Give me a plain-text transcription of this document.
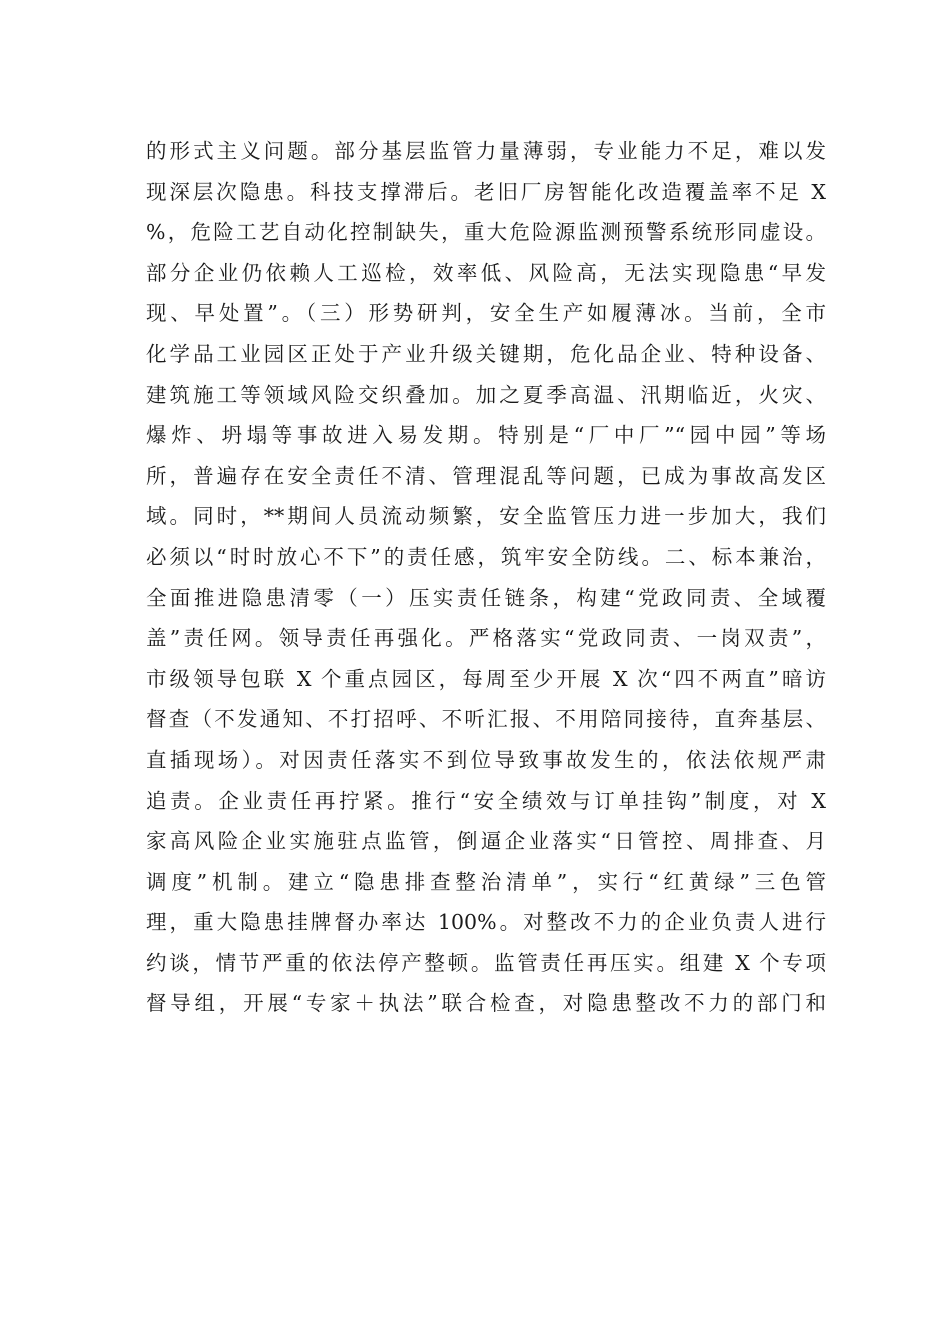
的形式主义问题。部分基层监管力量薄弱，专业能力不足，难以发
现深层次隐患。科技支撑滞后。老旧厂房智能化改造覆盖率不足 X
%，危险工艺自动化控制缺失，重大危险源监测预警系统形同虚设。
部分企业仍依赖人工巡检，效率低、风险高，无法实现隐患“早发
现、早处置”。（三）形势研判，安全生产如履薄冰。当前，全市
化学品工业园区正处于产业升级关键期，危化品企业、特种设备、
建筑施工等领域风险交织叠加。加之夏季高温、汛期临近，火灾、
爆炸、坍塌等事故进入易发期。特别是“厂中厂”“园中园”等场
所，普遍存在安全责任不清、管理混乱等问题，已成为事故高发区
域。同时，**期间人员流动频繁，安全监管压力进一步加大，我们
必须以“时时放心不下”的责任感，筑牢安全防线。二、标本兼治，
全面推进隐患清零（一）压实责任链条，构建“党政同责、全域覆
盖”责任网。领导责任再强化。严格落实“党政同责、一岗双责”，
市级领导包联 X 个重点园区，每周至少开展 X 次“四不两直”暗访
督查（不发通知、不打招呼、不听汇报、不用陪同接待，直奔基层、
直插现场）。对因责任落实不到位导致事故发生的，依法依规严肃
追责。企业责任再拧紧。推行“安全绩效与订单挂钩”制度，对 X
家高风险企业实施驻点监管，倒逼企业落实“日管控、周排查、月
调度”机制。建立“隐患排查整治清单”，实行“红黄绿”三色管
理，重大隐患挂牌督办率达 100%。对整改不力的企业负责人进行
约谈，情节严重的依法停产整顿。监管责任再压实。组建 X 个专项
督导组，开展“专家＋执法”联合检查，对隐患整改不力的部门和
